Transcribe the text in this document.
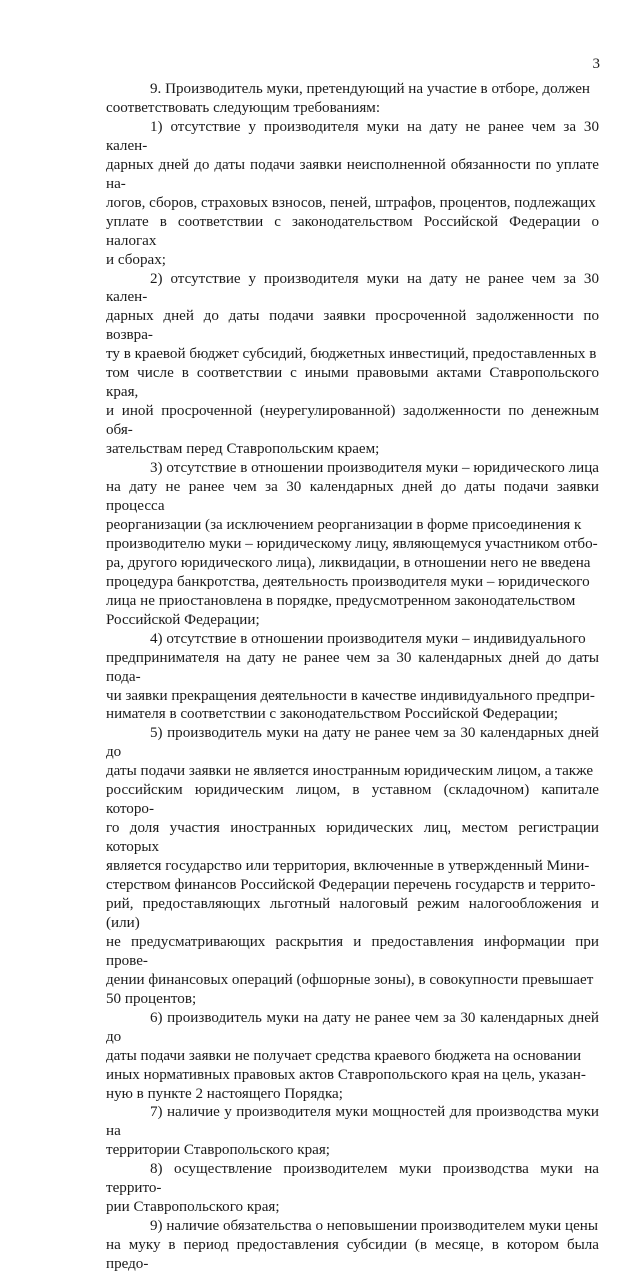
3

9. Производитель муки, претендующий на участие в отборе, должен
соответствовать следующим требованиям:

1) отсутствие у производителя муки на дату не ранее чем за 30 кален-
дарных дней до даты подачи заявки неисполненной обязанности по уплате на-
логов, сборов, страховых взносов, пеней, штрафов, процентов, подлежащих
уплате в соответствии с законодательством Российской Федерации о налогах
и сборах;

2) отсутствие у производителя муки на дату не ранее чем за 30 кален-
дарных дней до даты подачи заявки просроченной задолженности по возвра-
ту в краевой бюджет субсидий, бюджетных инвестиций, предоставленных в
том числе в соответствии с иными правовыми актами Ставропольского края,
и иной просроченной (неурегулированной) задолженности по денежным обя-
зательствам перед Ставропольским краем;

3) отсутствие в отношении производителя муки – юридического лица
на дату не ранее чем за 30 календарных дней до даты подачи заявки процесса
реорганизации (за исключением реорганизации в форме присоединения к
производителю муки – юридическому лицу, являющемуся участником отбо-
ра, другого юридического лица), ликвидации, в отношении него не введена
процедура банкротства, деятельность производителя муки – юридического
лица не приостановлена в порядке, предусмотренном законодательством
Российской Федерации;

4) отсутствие в отношении производителя муки – индивидуального
предпринимателя на дату не ранее чем за 30 календарных дней до даты пода-
чи заявки прекращения деятельности в качестве индивидуального предпри-
нимателя в соответствии с законодательством Российской Федерации;

5) производитель муки на дату не ранее чем за 30 календарных дней до
даты подачи заявки не является иностранным юридическим лицом, а также
российским юридическим лицом, в уставном (складочном) капитале которо-
го доля участия иностранных юридических лиц, местом регистрации которых
является государство или территория, включенные в утвержденный Мини-
стерством финансов Российской Федерации перечень государств и террито-
рий, предоставляющих льготный налоговый режим налогообложения и (или)
не предусматривающих раскрытия и предоставления информации при прове-
дении финансовых операций (офшорные зоны), в совокупности превышает
50 процентов;

6) производитель муки на дату не ранее чем за 30 календарных дней до
даты подачи заявки не получает средства краевого бюджета на основании
иных нормативных правовых актов Ставропольского края на цель, указан-
ную в пункте 2 настоящего Порядка;

7) наличие у производителя муки мощностей для производства муки на
территории Ставропольского края;

8) осуществление производителем муки производства муки на террито-
рии Ставропольского края;

9) наличие обязательства о неповышении производителем муки цены
на муку в период предоставления субсидии (в месяце, в котором была предо-
